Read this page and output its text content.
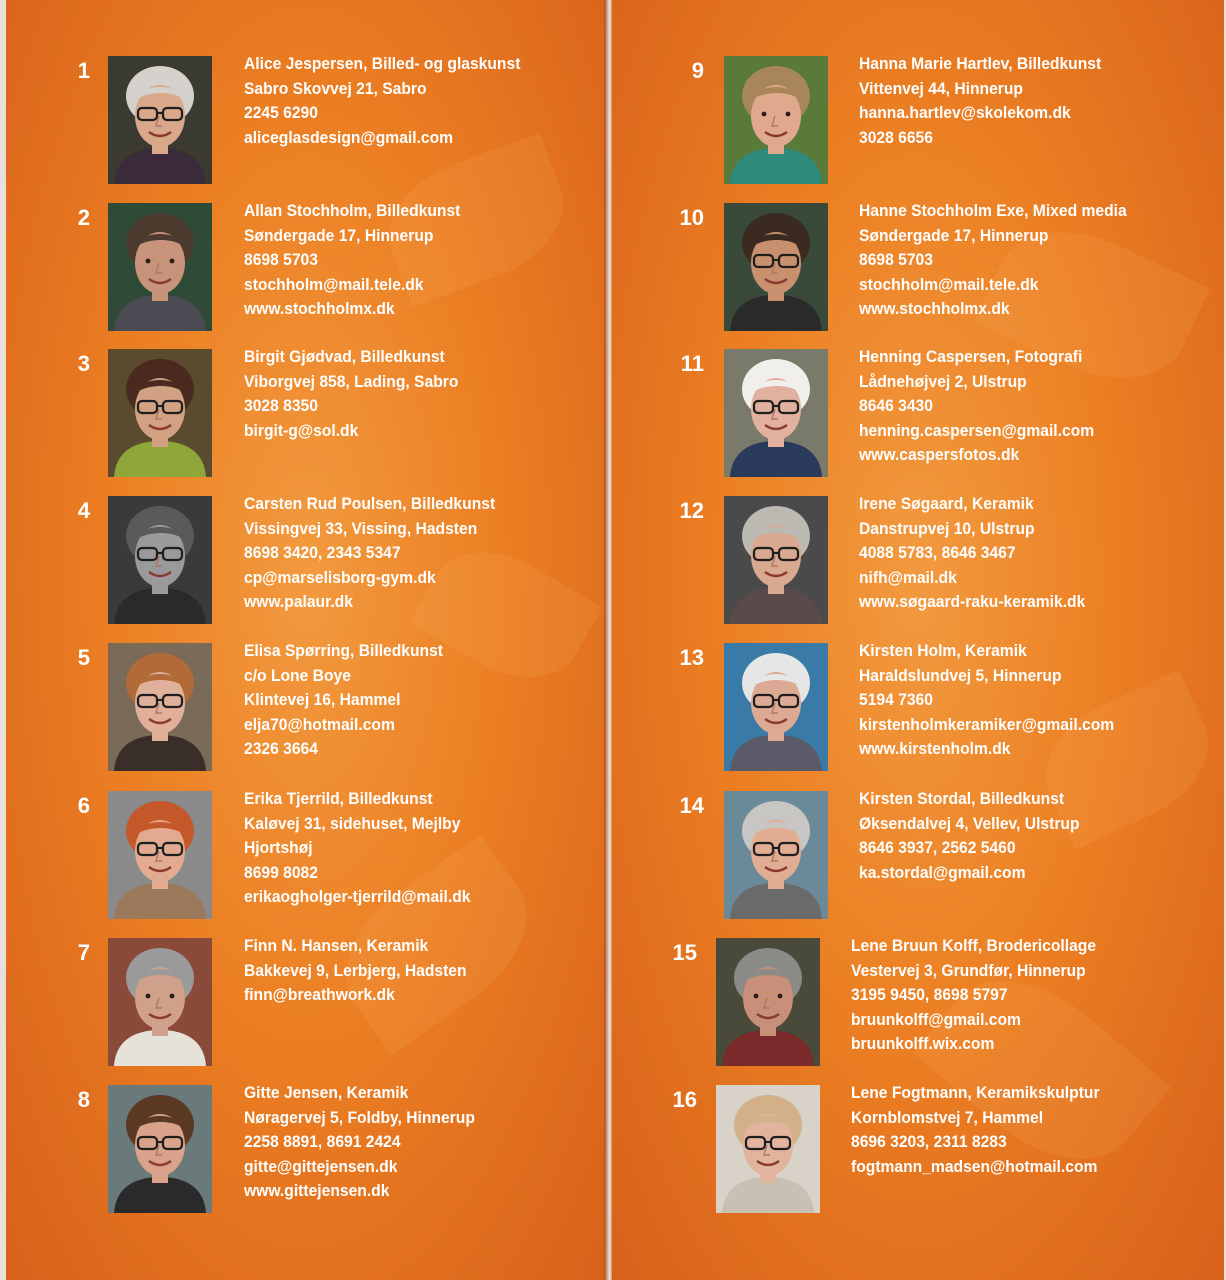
1	Alice Jespersen, Billed- og glaskunst
Sabro Skovvej 21, Sabro
2245 6290
aliceglasdesign@gmail.com
2	Allan Stochholm, Billedkunst
Søndergade 17, Hinnerup
8698 5703
stochholm@mail.tele.dk
www.stochholmx.dk
3	Birgit Gjødvad, Billedkunst
Viborgvej 858, Lading, Sabro
3028 8350
birgit-g@sol.dk
4	Carsten Rud Poulsen, Billedkunst
Vissingvej 33, Vissing, Hadsten
8698 3420, 2343 5347
cp@marselisborg-gym.dk
www.palaur.dk
5	Elisa Spørring, Billedkunst
c/o Lone Boye
Klintevej 16, Hammel
elja70@hotmail.com
2326 3664
6	Erika Tjerrild, Billedkunst
Kaløvej 31, sidehuset, Mejlby
Hjortshøj
8699 8082
erikaogholger-tjerrild@mail.dk
7	Finn N. Hansen, Keramik
Bakkevej 9, Lerbjerg, Hadsten
finn@breathwork.dk
8	Gitte Jensen, Keramik
Nøragervej 5, Foldby, Hinnerup
2258 8891, 8691 2424
gitte@gittejensen.dk
www.gittejensen.dk
9	Hanna Marie Hartlev, Billedkunst
Vittenvej 44, Hinnerup
hanna.hartlev@skolekom.dk
3028 6656
10	Hanne Stochholm Exe, Mixed media
Søndergade 17, Hinnerup
8698 5703
stochholm@mail.tele.dk
www.stochholmx.dk
11	Henning Caspersen, Fotografi
Lådnehøjvej 2, Ulstrup
8646 3430
henning.caspersen@gmail.com
www.caspersfotos.dk
12	Irene Søgaard, Keramik
Danstrupvej 10, Ulstrup
4088 5783, 8646 3467
nifh@mail.dk
www.søgaard-raku-keramik.dk
13	Kirsten Holm, Keramik
Haraldslundvej 5, Hinnerup
5194 7360
kirstenholmkeramiker@gmail.com
www.kirstenholm.dk
14	Kirsten Stordal, Billedkunst
Øksendalvej 4, Vellev, Ulstrup
8646 3937, 2562 5460
ka.stordal@gmail.com
15	Lene Bruun Kolff, Brodericollage
Vestervej 3, Grundfør, Hinnerup
3195 9450, 8698 5797
bruunkolff@gmail.com
bruunkolff.wix.com
16	Lene Fogtmann, Keramikskulptur
Kornblomstvej 7, Hammel
8696 3203, 2311 8283
fogtmann_madsen@hotmail.com
